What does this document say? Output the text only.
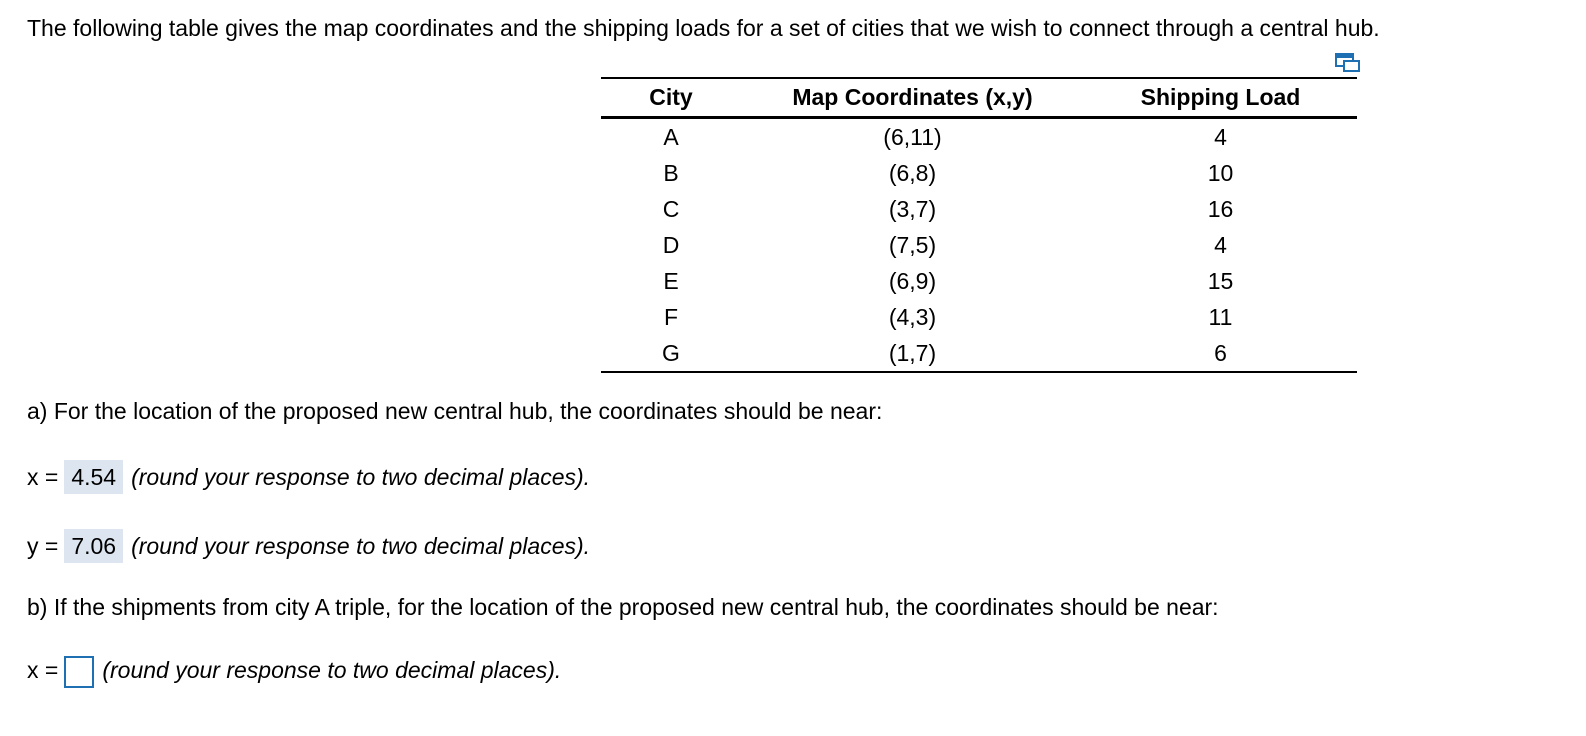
The following table gives the map coordinates and the shipping loads for a set of cities that we wish to connect through a central hub.
City	Map Coordinates (x,y)	Shipping Load
A	(6,11)	4
B	(6,8)	10
C	(3,7)	16
D	(7,5)	4
E	(6,9)	15
F	(4,3)	11
G	(1,7)	6
a) For the location of the proposed new central hub, the coordinates should be near:
x = 4.54 (round your response to two decimal places).
y = 7.06 (round your response to two decimal places).
b) If the shipments from city A triple, for the location of the proposed new central hub, the coordinates should be near:
x = (round your response to two decimal places).
